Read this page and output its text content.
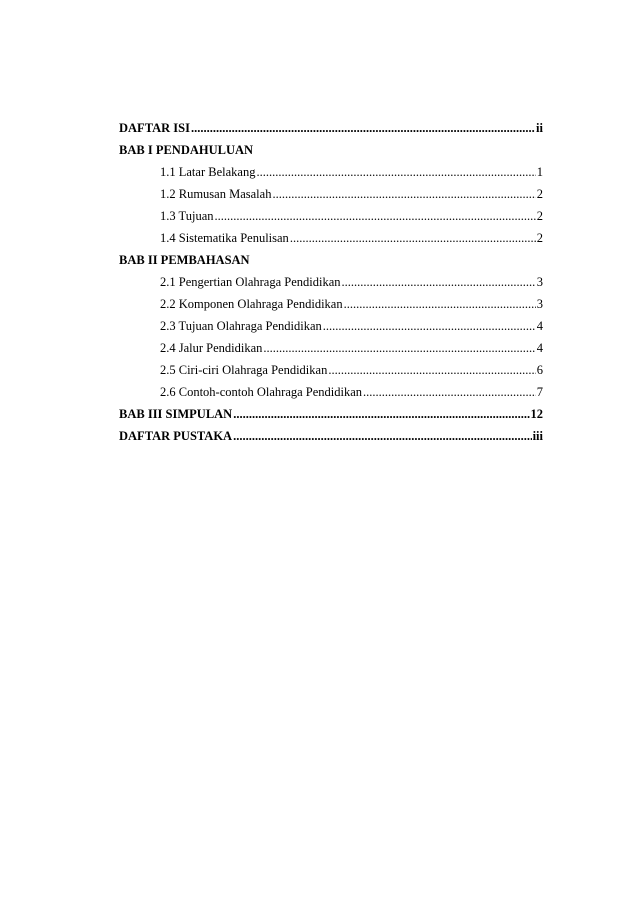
DAFTAR ISI .....	ii
BAB I PENDAHULUAN
1.1 Latar Belakang .....	1
1.2 Rumusan Masalah .....	2
1.3 Tujuan .....	2
1.4 Sistematika Penulisan .....	2
BAB II PEMBAHASAN
2.1 Pengertian Olahraga Pendidikan .....	3
2.2 Komponen Olahraga Pendidikan .....	3
2.3 Tujuan Olahraga Pendidikan .....	4
2.4 Jalur Pendidikan .....	4
2.5 Ciri-ciri Olahraga Pendidikan .....	6
2.6 Contoh-contoh Olahraga Pendidikan .....	7
BAB III SIMPULAN .....	12
DAFTAR PUSTAKA .....	iii
